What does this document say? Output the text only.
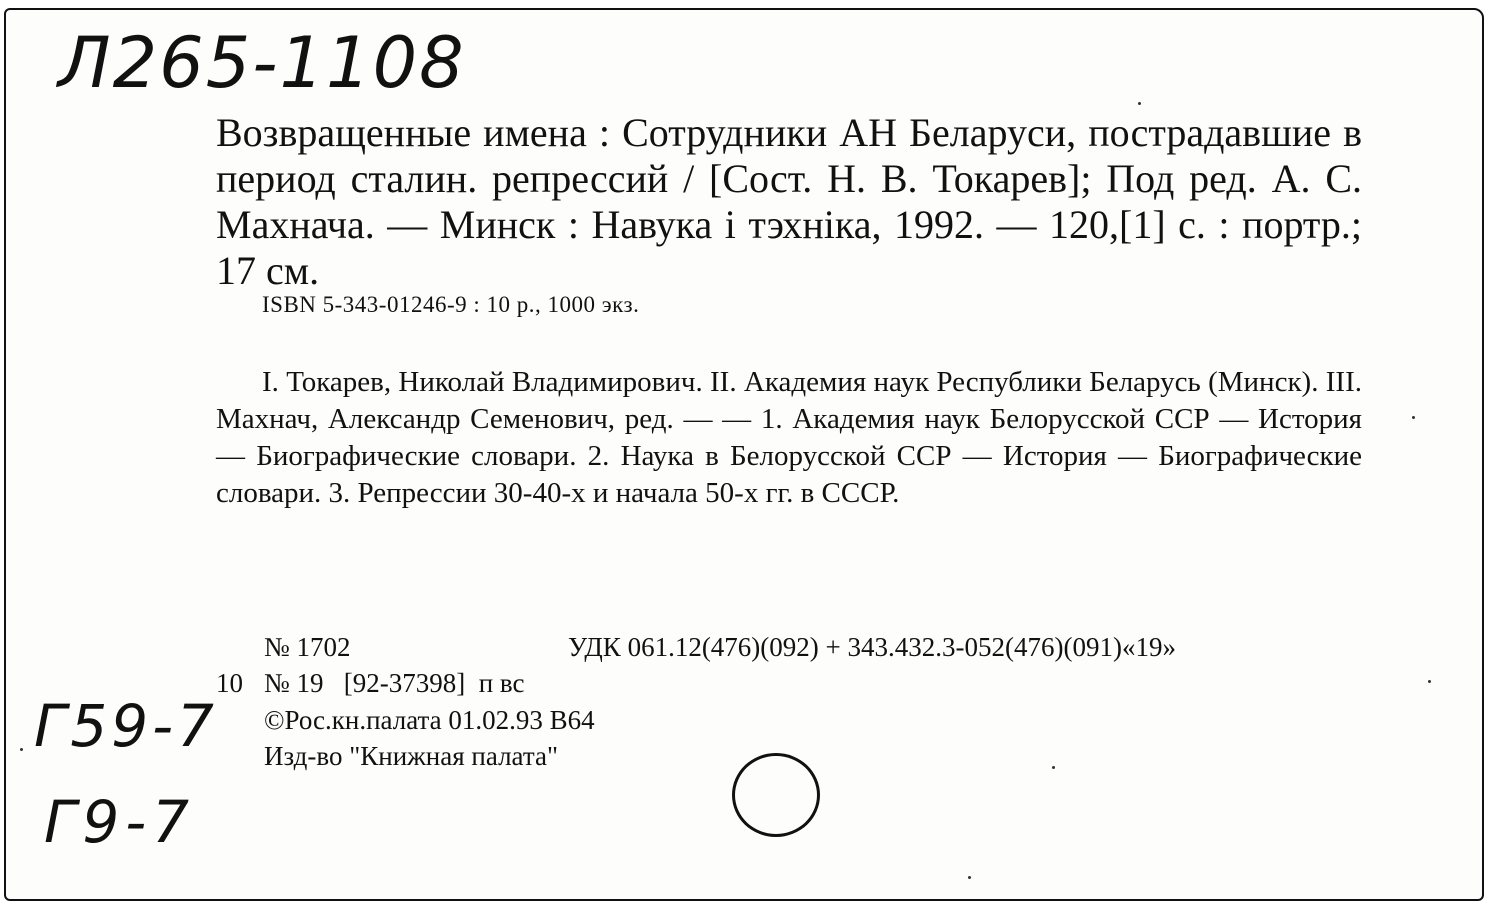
Л265-1108

Возвращенные имена : Сотрудники АН Беларуси, пострадавшие в период сталин. репрессий / [Сост. Н. В. Токарев]; Под ред. А. С. Махнача. — Минск : Навука і тэхніка, 1992. — 120,[1] с. : портр.; 17 см.

ISBN 5-343-01246-9 : 10 р., 1000 экз.

I. Токарев, Николай Владимирович. II. Академия наук Республики Беларусь (Минск). III. Махнач, Александр Семенович, ред. — — 1. Академия наук Белорусской ССР — История — Биографические словари. 2. Наука в Белорусской ССР — История — Биографические словари. 3. Репрессии 30-40-х и начала 50-х гг. в СССР.

№ 1702	УДК 061.12(476)(092) + 343.432.3-052(476)(091)«19»

10 № 19   [92-37398]  п вс

©Рос.кн.палата 01.02.93 В64

Изд-во "Книжная палата"

Г59-7
Г9-7
